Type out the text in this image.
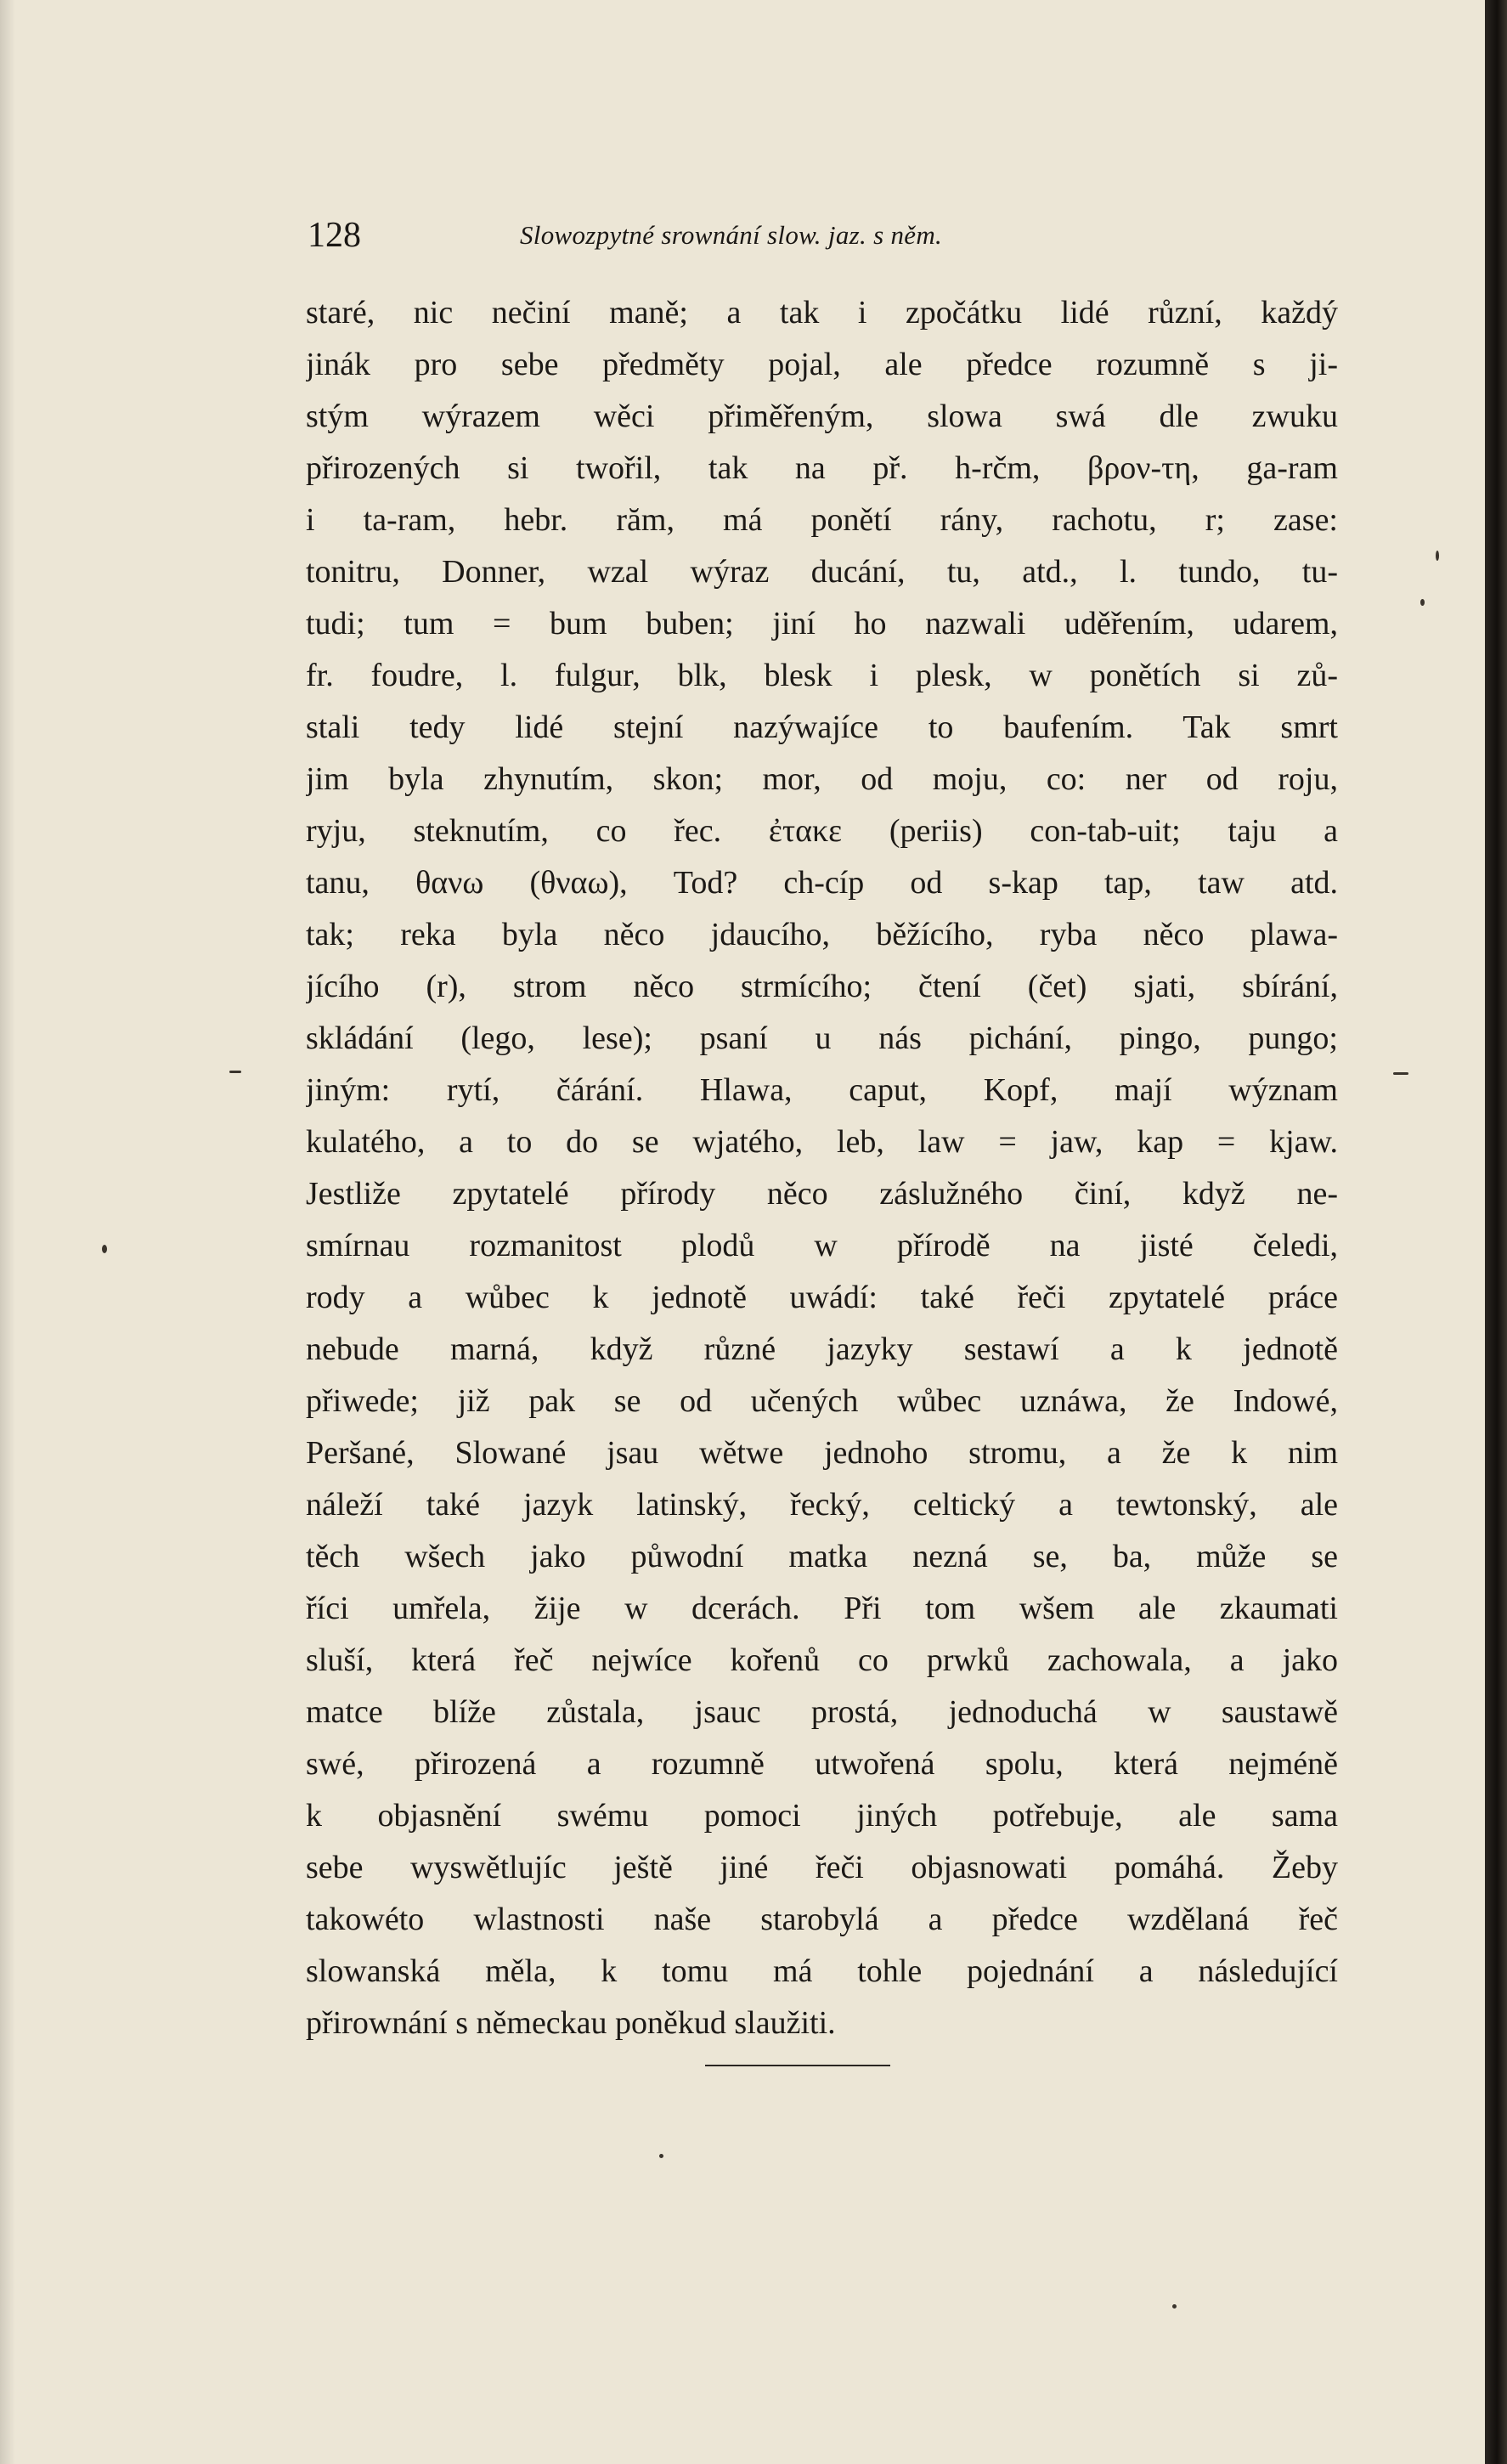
128	Slowozpytné srownání slow. jaz. s něm.
staré, nic nečiní maně; a tak i zpočátku lidé různí, každý
jinák pro sebe předměty pojal, ale předce rozumně s ji-
stým wýrazem wěci přiměřeným, slowa swá dle zwuku
přirozených si twořil, tak na př. h-rčm, βρον-τη, ga-ram
i ta-ram, hebr. răm, má ponětí rány, rachotu, r; zase:
tonitru, Donner, wzal wýraz ducání, tu, atd., l. tundo, tu-
tudi; tum = bum buben; jiní ho nazwali uděřením, udarem,
fr. foudre, l. fulgur, blk, blesk i plesk, w ponětích si zů-
stali tedy lidé stejní nazýwajíce to baufením. Tak smrt
jim byla zhynutím, skon; mor, od moju, co: ner od roju,
ryju, steknutím, co řec. ἐτακε (periis) con-tab-uit; taju a
tanu, θανω (θναω), Tod? ch-cíp od s-kap tap, taw atd.
tak; reka byla něco jdaucího, běžícího, ryba něco plawa-
jícího (r), strom něco strmícího; čtení (čet) sjati, sbírání,
skládání (lego, lese); psaní u nás pichání, pingo, pungo;
jiným: rytí, čárání. Hlawa, caput, Kopf, mají wýznam
kulatého, a to do se wjatého, leb, law = jaw, kap = kjaw.
Jestliže zpytatelé přírody něco záslužného činí, když ne-
smírnau rozmanitost plodů w přírodě na jisté čeledi,
rody a wůbec k jednotě uwádí: také řeči zpytatelé práce
nebude marná, když různé jazyky sestawí a k jednotě
přiwede; již pak se od učených wůbec uznáwa, že Indowé,
Peršané, Slowané jsau wětwe jednoho stromu, a že k nim
náleží také jazyk latinský, řecký, celtický a tewtonský, ale
těch wšech jako půwodní matka nezná se, ba, může se
říci umřela, žije w dcerách. Při tom wšem ale zkaumati
sluší, která řeč nejwíce kořenů co prwků zachowala, a jako
matce blíže zůstala, jsauc prostá, jednoduchá w saustawě
swé, přirozená a rozumně utwořená spolu, která nejméně
k objasnění swému pomoci jiných potřebuje, ale sama
sebe wyswětlujíc ještě jiné řeči objasnowati pomáhá. Žeby
takowéto wlastnosti naše starobylá a předce wzdělaná řeč
slowanská měla, k tomu má tohle pojednání a následující
přirownání s německau poněkud slaužiti.
